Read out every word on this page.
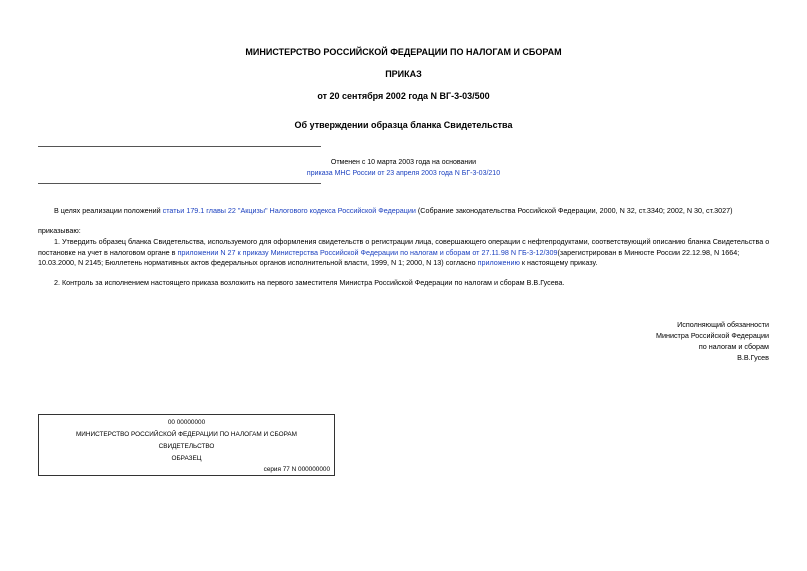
МИНИСТЕРСТВО РОССИЙСКОЙ ФЕДЕРАЦИИ ПО НАЛОГАМ И СБОРАМ
ПРИКАЗ
от 20 сентября 2002 года N ВГ-3-03/500
Об утверждении образца бланка Свидетельства
Отменен с 10 марта 2003 года на основании
приказа МНС России от 23 апреля 2003 года N БГ-3-03/210
В целях реализации положений статьи 179.1 главы 22 "Акцизы" Налогового кодекса Российской Федерации (Собрание законодательства Российской Федерации, 2000, N 32, ст.3340; 2002, N 30, ст.3027)
приказываю:
1. Утвердить образец бланка Свидетельства, используемого для оформления свидетельств о регистрации лица, совершающего операции с нефтепродуктами, соответствующий описанию бланка Свидетельства о постановке на учет в налоговом органе в приложении N 27 к приказу Министерства Российской Федерации по налогам и сборам от 27.11.98 N ГБ-3-12/309(зарегистрирован в Минюсте России 22.12.98, N 1664; 10.03.2000, N 2145; Бюллетень нормативных актов федеральных органов исполнительной власти, 1999, N 1; 2000, N 13) согласно приложению к настоящему приказу.
2. Контроль за исполнением настоящего приказа возложить на первого заместителя Министра Российской Федерации по налогам и сборам В.В.Гусева.
Исполняющий обязанности
Министра Российской Федерации
по налогам и сборам
В.В.Гусев
00 00000000
МИНИСТЕРСТВО РОССИЙСКОЙ ФЕДЕРАЦИИ ПО НАЛОГАМ И СБОРАМ
СВИДЕТЕЛЬСТВО
ОБРАЗЕЦ
серия 77 N 000000000
